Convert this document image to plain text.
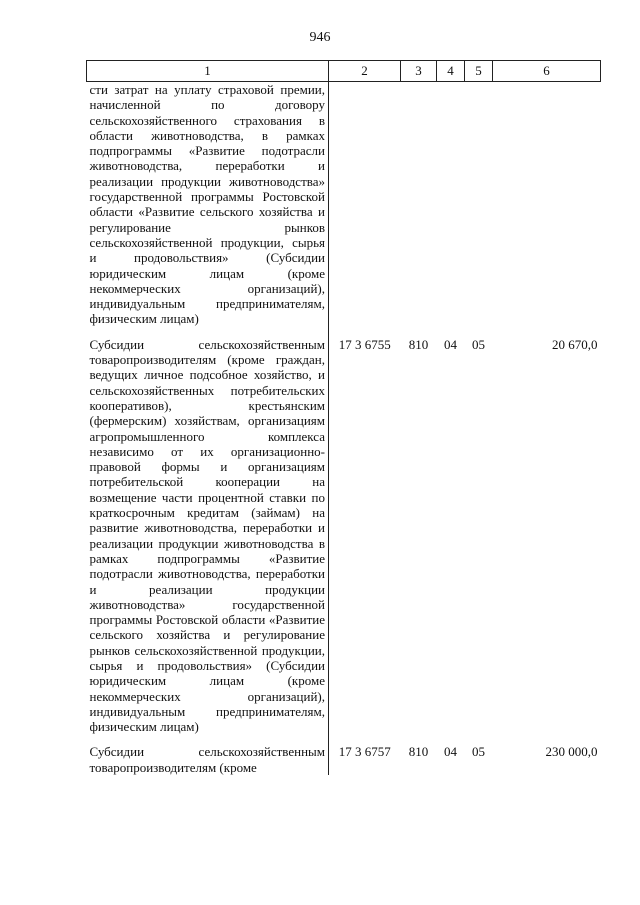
946
1	2	3	4	5	6
сти затрат на уплату страховой премии, начисленной по договору сельскохозяйственного страхования в области животноводства, в рамках подпрограммы «Развитие подотрасли животноводства, переработки и реализации продукции животноводства» государственной программы Ростовской области «Развитие сельского хозяйства и регулирование рынков сельскохозяйственной продукции, сырья и продовольствия» (Субсидии юридическим лицам (кроме некоммерческих организаций), индивидуальным предпринимателям, физическим лицам)					

Субсидии сельскохозяйственным товаропроизводителям (кроме граждан, ведущих личное подсобное хозяйство, и сельскохозяйственных потребительских кооперативов), крестьянским (фермерским) хозяйствам, организациям агропромышленного комплекса независимо от их организационно-правовой формы и организациям потребительской кооперации на возмещение части процентной ставки по краткосрочным кредитам (займам) на развитие животноводства, переработки и реализации продукции животноводства в рамках подпрограммы «Развитие подотрасли животноводства, переработки и реализации продукции животноводства» государственной программы Ростовской области «Развитие сельского хозяйства и регулирование рынков сельскохозяйственной продукции, сырья и продовольствия» (Субсидии юридическим лицам (кроме некоммерческих организаций), индивидуальным предпринимателям, физическим лицам)	17 3 6755	810	04	05	20 670,0

Субсидии сельскохозяйственным товаропроизводителям (кроме	17 3 6757	810	04	05	230 000,0
